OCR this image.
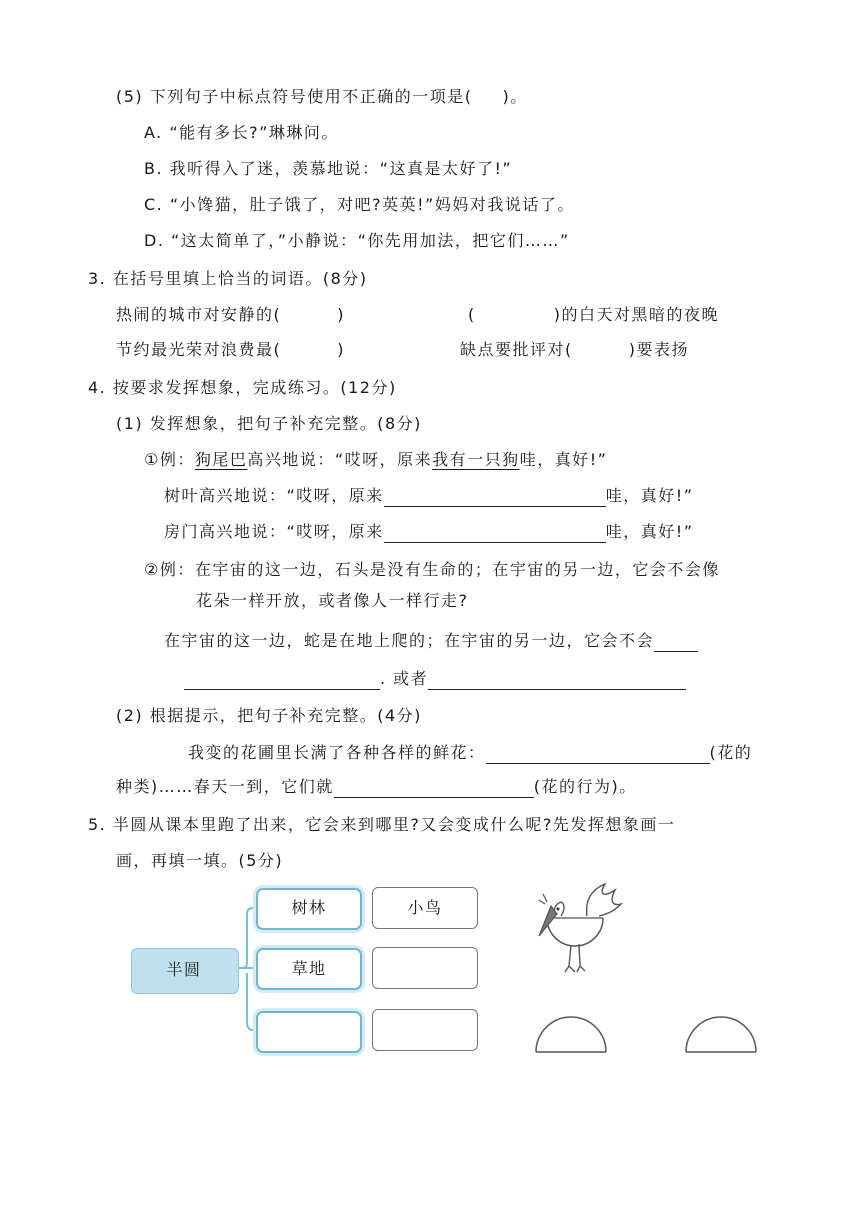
(5) 下列句子中标点符号使用不正确的一项是( )。
A. “能有多长?”琳琳问。
B. 我听得入了迷，羡慕地说：“这真是太好了!”
C. “小馋猫，肚子饿了，对吧?英英!”妈妈对我说话了。
D. “这太简单了，”小静说：“你先用加法，把它们……”
3. 在括号里填上恰当的词语。(8分)
热闹的城市对安静的(	)	(	)的白天对黑暗的夜晚
节约最光荣对浪费最(	)	缺点要批评对(	)要表扬
4. 按要求发挥想象，完成练习。(12分)
(1) 发挥想象，把句子补充完整。(8分)
①例：狗尾巴高兴地说：“哎呀，原来我有一只狗哇，真好!”
树叶高兴地说：“哎呀，原来	哇，真好!”
房门高兴地说：“哎呀，原来	哇，真好!”
②例：在宇宙的这一边，石头是没有生命的；在宇宙的另一边，它会不会像
花朵一样开放，或者像人一样行走?
在宇宙的这一边，蛇是在地上爬的；在宇宙的另一边，它会不会
. 或者
(2) 根据提示，把句子补充完整。(4分)
我变的花圃里长满了各种各样的鲜花：	(花的
种类)……春天一到，它们就	(花的行为)。
5. 半圆从课本里跑了出来，它会来到哪里?又会变成什么呢?先发挥想象画一
画，再填一填。(5分)
半圆
树林
草地
小鸟
